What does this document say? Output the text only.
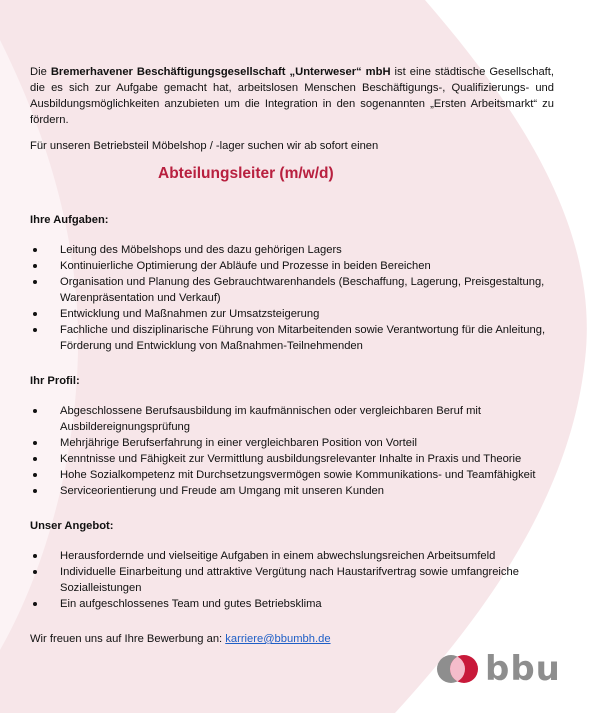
Die Bremerhavener Beschäftigungsgesellschaft „Unterweser“ mbH ist eine städtische Gesellschaft, die es sich zur Aufgabe gemacht hat, arbeitslosen Menschen Beschäftigungs-, Qualifizierungs- und Ausbildungsmöglichkeiten anzubieten um die Integration in den sogenannten „Ersten Arbeitsmarkt“ zu fördern.

Für unseren Betriebsteil Möbelshop / -lager suchen wir ab sofort einen

Abteilungsleiter (m/w/d)

Ihre Aufgaben:

Leitung des Möbelshops und des dazu gehörigen Lagers
Kontinuierliche Optimierung der Abläufe und Prozesse in beiden Bereichen
Organisation und Planung des Gebrauchtwarenhandels (Beschaffung, Lagerung, Preisgestaltung, Warenpräsentation und Verkauf)
Entwicklung und Maßnahmen zur Umsatzsteigerung
Fachliche und disziplinarische Führung von Mitarbeitenden sowie Verantwortung für die Anleitung, Förderung und Entwicklung von Maßnahmen-Teilnehmenden

Ihr Profil:

Abgeschlossene Berufsausbildung im kaufmännischen oder vergleichbaren Beruf mit Ausbildereignungsprüfung
Mehrjährige Berufserfahrung in einer vergleichbaren Position von Vorteil
Kenntnisse und Fähigkeit zur Vermittlung ausbildungsrelevanter Inhalte in Praxis und Theorie
Hohe Sozialkompetenz mit Durchsetzungsvermögen sowie Kommunikations- und Teamfähigkeit
Serviceorientierung und Freude am Umgang mit unseren Kunden

Unser Angebot:

Herausfordernde und vielseitige Aufgaben in einem abwechslungsreichen Arbeitsumfeld
Individuelle Einarbeitung und attraktive Vergütung nach Haustarifvertrag sowie umfangreiche Sozialleistungen
Ein aufgeschlossenes Team und gutes Betriebsklima

Wir freuen uns auf Ihre Bewerbung an: karriere@bbumbh.de

bbu
